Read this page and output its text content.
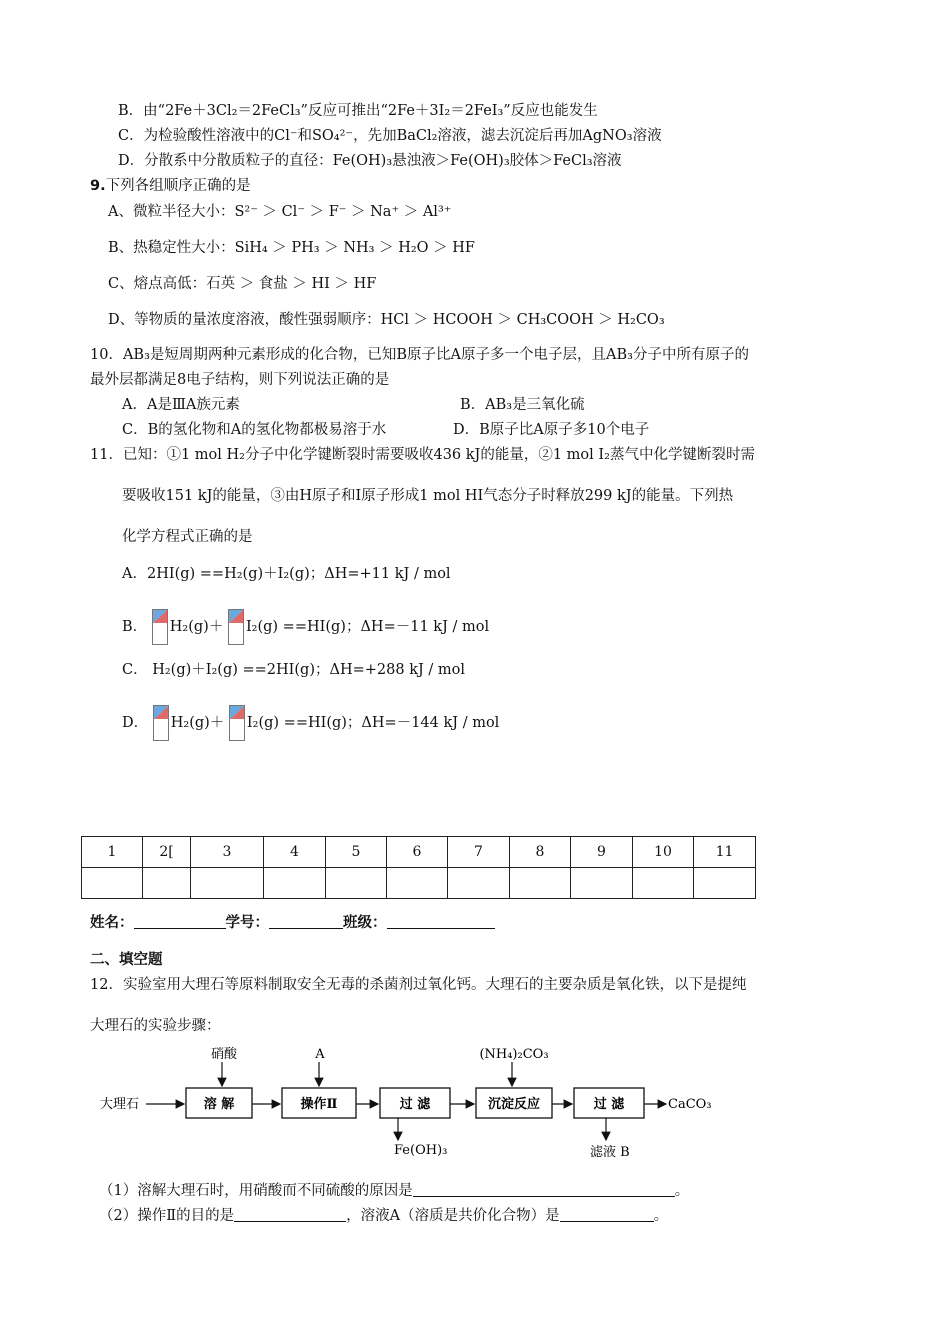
B．由“2Fe＋3Cl₂＝2FeCl₃”反应可推出“2Fe＋3I₂＝2FeI₃”反应也能发生
C．为检验酸性溶液中的Cl⁻和SO₄²⁻，先加BaCl₂溶液，滤去沉淀后再加AgNO₃溶液
D．分散系中分散质粒子的直径：Fe(OH)₃悬浊液＞Fe(OH)₃胶体＞FeCl₃溶液
9.下列各组顺序正确的是
A、微粒半径大小：S²⁻ ＞ Cl⁻ ＞ F⁻ ＞ Na⁺ ＞ Al³⁺
B、热稳定性大小：SiH₄ ＞ PH₃ ＞ NH₃ ＞ H₂O ＞ HF
C、熔点高低：石英 ＞ 食盐 ＞ HI ＞ HF
D、等物质的量浓度溶液，酸性强弱顺序：HCl ＞ HCOOH ＞ CH₃COOH ＞ H₂CO₃
10．AB₃是短周期两种元素形成的化合物，已知B原子比A原子多一个电子层，且AB₃分子中所有原子的
最外层都满足8电子结构，则下列说法正确的是
A．A是ⅢA族元素	B．AB₃是三氧化硫
C．B的氢化物和A的氢化物都极易溶于水	D．B原子比A原子多10个电子
11．已知：①1 mol H₂分子中化学键断裂时需要吸收436 kJ的能量，②1 mol I₂蒸气中化学键断裂时需
要吸收151 kJ的能量，③由H原子和I原子形成1 mol HI气态分子时释放299 kJ的能量。下列热
化学方程式正确的是
A．2HI(g) ==H₂(g)＋I₂(g)；ΔH=+11 kJ / mol
B． H₂(g)＋ I₂(g) ==HI(g)；ΔH=－11 kJ / mol
C． H₂(g)＋I₂(g) ==2HI(g)；ΔH=+288 kJ / mol
D． H₂(g)＋ I₂(g) ==HI(g)；ΔH=－144 kJ / mol
1	2[	3	4	5	6	7	8	9	10	11

姓名：	学号：	班级：
二、填空题
12．实验室用大理石等原料制取安全无毒的杀菌剂过氧化钙。大理石的主要杂质是氧化铁，以下是提纯
大理石的实验步骤：
大理石	溶 解
硝酸
操作Ⅱ
A
过 滤
Fe(OH)₃
沉淀反应
(NH₄)₂CO₃
过 滤
滤液 B
CaCO₃
（1）溶解大理石时，用硝酸而不同硫酸的原因是	。
（2）操作Ⅱ的目的是	，溶液A（溶质是共价化合物）是	。
